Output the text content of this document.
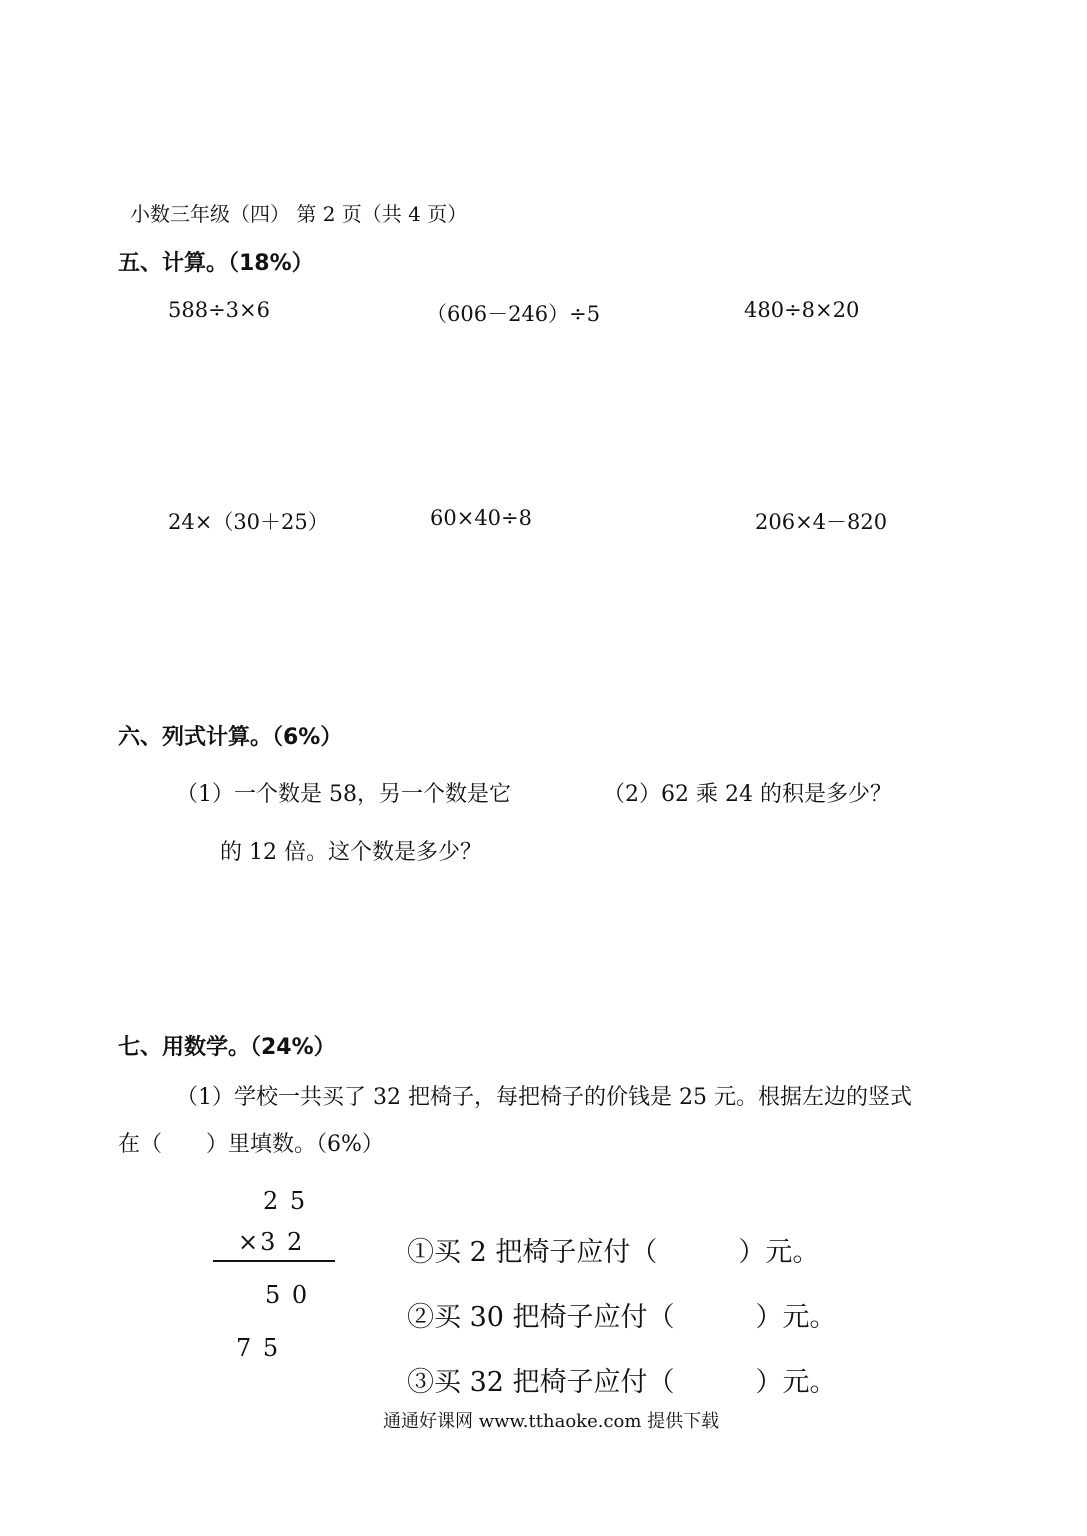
小数三年级（四） 第 2 页（共 4 页）
五、计算。（18%）
588÷3×6	（606－246）÷5	480÷8×20
24×（30＋25）	60×40÷8	206×4－820
六、列式计算。（6%）
（1）一个数是 58，另一个数是它
的 12 倍。这个数是多少？
（2）62 乘 24 的积是多少？
七、用数学。（24%）
（1）学校一共买了 32 把椅子，每把椅子的价钱是 25 元。根据左边的竖式
在（　　）里填数。（6%）
2 5
×3 2
5 0
7 5
①买 2 把椅子应付（　　　）元。
②买 30 把椅子应付（　　　）元。
③买 32 把椅子应付（　　　）元。
通通好课网 www.tthaoke.com 提供下载
